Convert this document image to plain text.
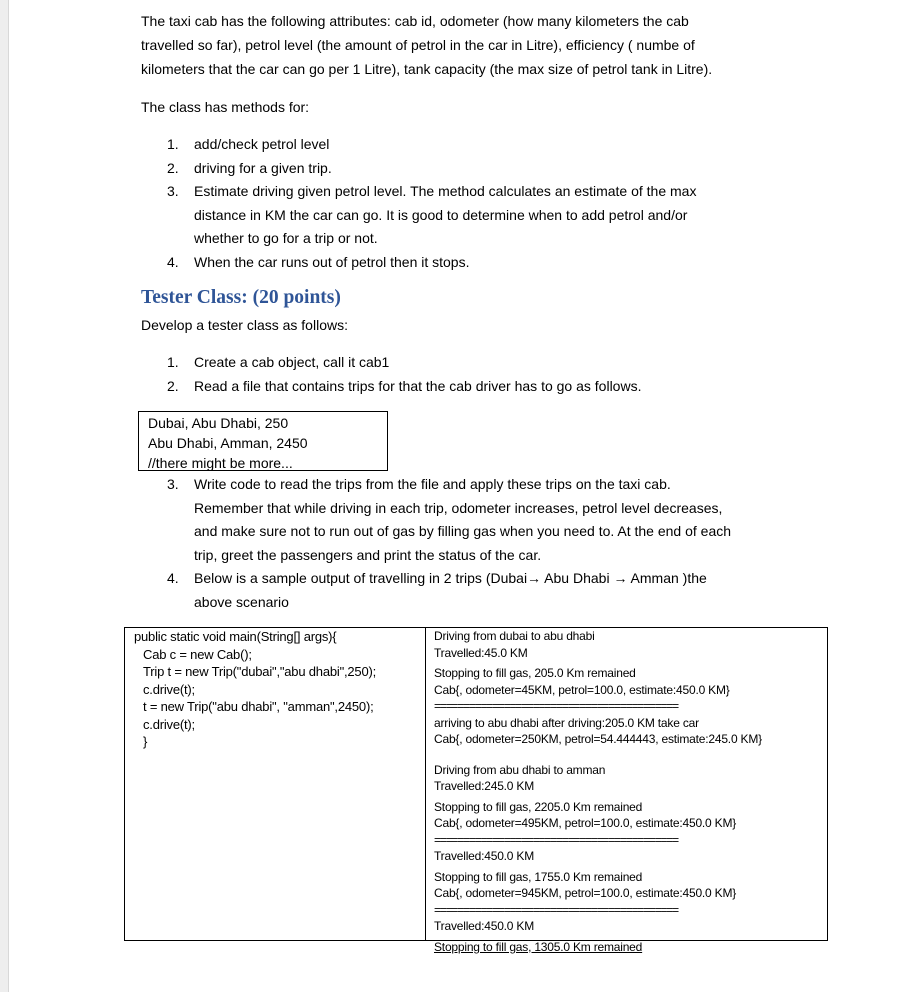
The taxi cab has the following attributes: cab id, odometer (how many kilometers the cab
travelled so far), petrol level (the amount of petrol in the car in Litre), efficiency ( numbe of
kilometers that the car can go per 1 Litre), tank capacity (the max size of petrol tank in Litre).
The class has methods for:
1.	add/check petrol level
2.	driving for a given trip.
3.	Estimate driving given petrol level. The method calculates an estimate of the max
distance in KM the car can go. It is good to determine when to add petrol and/or
whether to go for a trip or not.
4.	When the car runs out of petrol then it stops.
Tester Class: (20 points)
Develop a tester class as follows:
1.	Create a cab object, call it cab1
2.	Read a file that contains trips for that the cab driver has to go as follows.
Dubai, Abu Dhabi, 250
Abu Dhabi, Amman, 2450
//there might be more...
3.	Write code to read the trips from the file and apply these trips on the taxi cab.
Remember that while driving in each trip, odometer increases, petrol level decreases,
and make sure not to run out of gas by filling gas when you need to. At the end of each
trip, greet the passengers and print the status of the car.
4.	Below is a sample output of travelling in 2 trips (Dubai→ Abu Dhabi → Amman )the
above scenario
public static void main(String[] args){
Cab c = new Cab();
Trip t = new Trip("dubai","abu dhabi",250);
c.drive(t);
t = new Trip("abu dhabi", "amman",2450);
c.drive(t);
}
Driving from dubai to abu dhabi
Travelled:45.0 KM
Stopping to fill gas, 205.0 Km remained
Cab{, odometer=45KM, petrol=100.0, estimate:450.0 KM}
==========================================
arriving to abu dhabi after driving:205.0 KM take car
Cab{, odometer=250KM, petrol=54.444443, estimate:245.0 KM}
Driving from abu dhabi to amman
Travelled:245.0 KM
Stopping to fill gas, 2205.0 Km remained
Cab{, odometer=495KM, petrol=100.0, estimate:450.0 KM}
==========================================
Travelled:450.0 KM
Stopping to fill gas, 1755.0 Km remained
Cab{, odometer=945KM, petrol=100.0, estimate:450.0 KM}
==========================================
Travelled:450.0 KM
Stopping to fill gas, 1305.0 Km remained
